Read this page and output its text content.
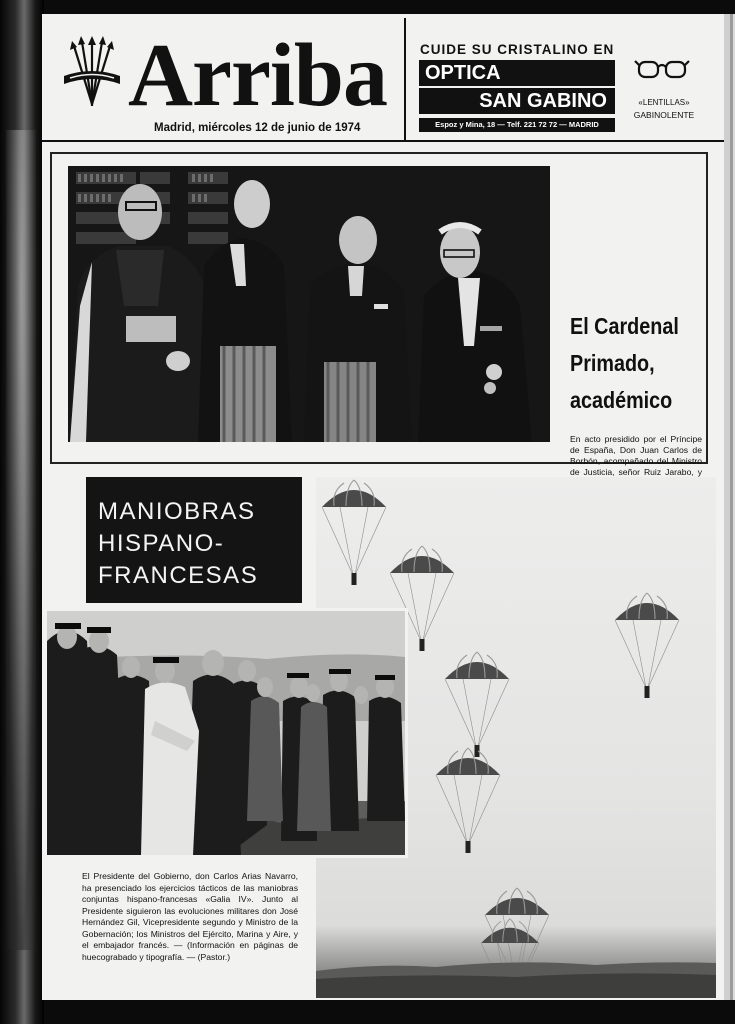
Arriba
Madrid, miércoles 12 de junio de 1974
CUIDE SU CRISTALINO EN
OPTICA
SAN GABINO
Espoz y Mina, 18 — Telf. 221 72 72 — MADRID
«LENTILLAS»
GABINOLENTE
El Cardenal
Primado,
académico
En acto presidido por el Príncipe de España, Don Juan Carlos de Borbón, acompañado del Ministro de Justicia, señor Ruiz Jarabo, y
MANIOBRAS
HISPANO-
FRANCESAS
El Presidente del Gobierno, don Carlos Arias Navarro, ha presenciado los ejercicios tácticos de las maniobras conjuntas hispano-francesas «Galia IV». Junto al Presidente siguieron las evoluciones militares don José Hernández Gil, Vicepresidente segundo y Ministro de la Gobernación; los Ministros del Ejército, Marina y Aire, y el embajador francés. — (Información en páginas de huecograbado y tipografía. — (Pastor.)
